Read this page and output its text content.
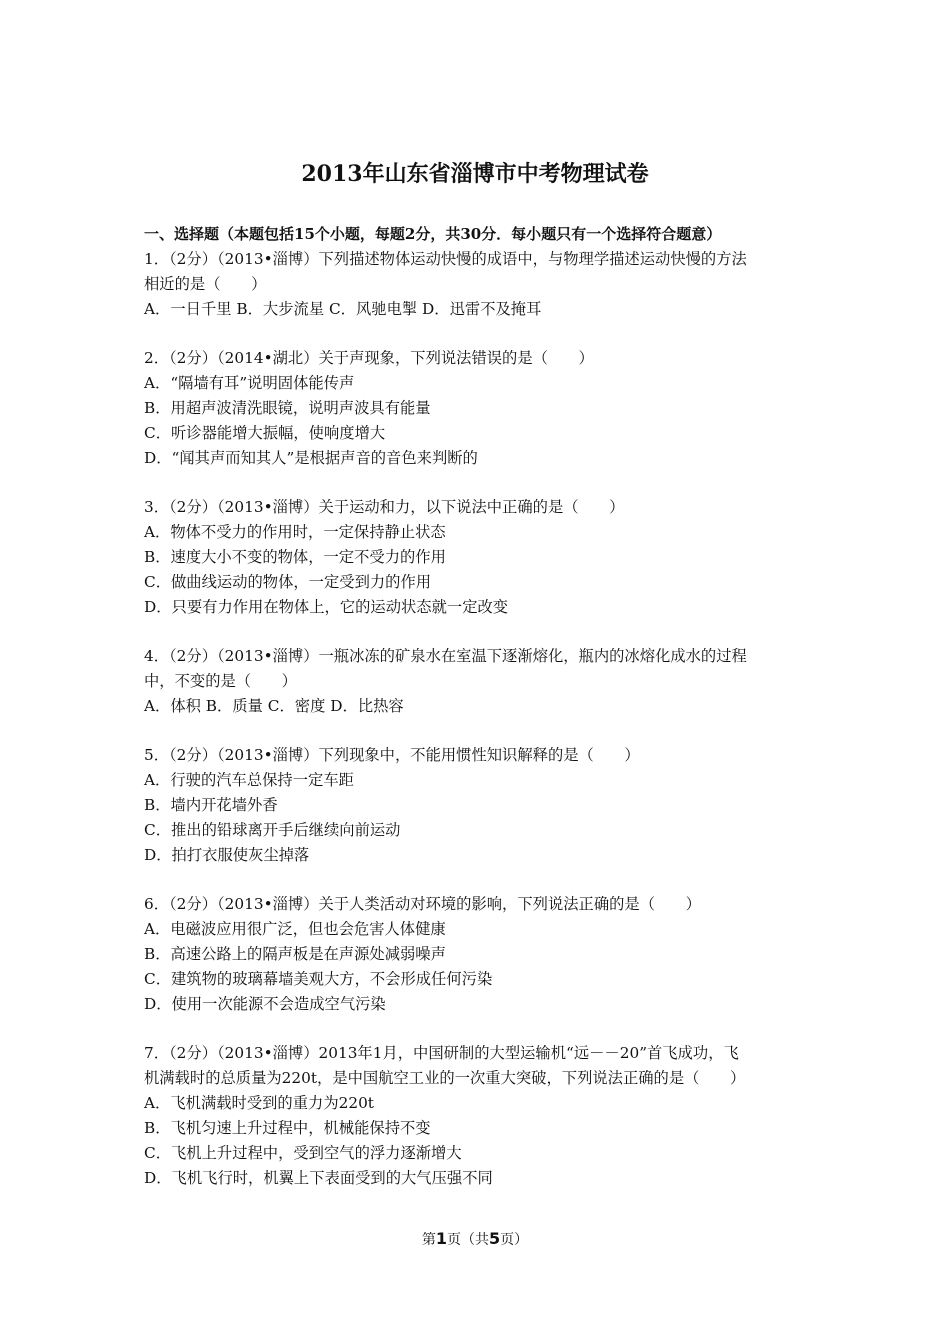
2013年山东省淄博市中考物理试卷
一、选择题（本题包括15个小题，每题2分，共30分．每小题只有一个选择符合题意）
1．（2分）（2013•淄博）下列描述物体运动快慢的成语中，与物理学描述运动快慢的方法
相近的是（　　）
A．一日千里 B．大步流星 C．风驰电掣 D．迅雷不及掩耳
2．（2分）（2014•湖北）关于声现象，下列说法错误的是（　　）
A．“隔墙有耳”说明固体能传声
B．用超声波清洗眼镜，说明声波具有能量
C．听诊器能增大振幅，使响度增大
D．“闻其声而知其人”是根据声音的音色来判断的
3．（2分）（2013•淄博）关于运动和力，以下说法中正确的是（　　）
A．物体不受力的作用时，一定保持静止状态
B．速度大小不变的物体，一定不受力的作用
C．做曲线运动的物体，一定受到力的作用
D．只要有力作用在物体上，它的运动状态就一定改变
4．（2分）（2013•淄博）一瓶冰冻的矿泉水在室温下逐渐熔化，瓶内的冰熔化成水的过程
中，不变的是（　　）
A．体积 B．质量 C．密度 D．比热容
5．（2分）（2013•淄博）下列现象中，不能用惯性知识解释的是（　　）
A．行驶的汽车总保持一定车距
B．墙内开花墙外香
C．推出的铅球离开手后继续向前运动
D．拍打衣服使灰尘掉落
6．（2分）（2013•淄博）关于人类活动对环境的影响，下列说法正确的是（　　）
A．电磁波应用很广泛，但也会危害人体健康
B．高速公路上的隔声板是在声源处减弱噪声
C．建筑物的玻璃幕墙美观大方，不会形成任何污染
D．使用一次能源不会造成空气污染
7．（2分）（2013•淄博）2013年1月，中国研制的大型运输机“远－－20”首飞成功，飞
机满载时的总质量为220t，是中国航空工业的一次重大突破，下列说法正确的是（　　）
A．飞机满载时受到的重力为220t
B．飞机匀速上升过程中，机械能保持不变
C．飞机上升过程中，受到空气的浮力逐渐增大
D．飞机飞行时，机翼上下表面受到的大气压强不同
第1页（共5页）
